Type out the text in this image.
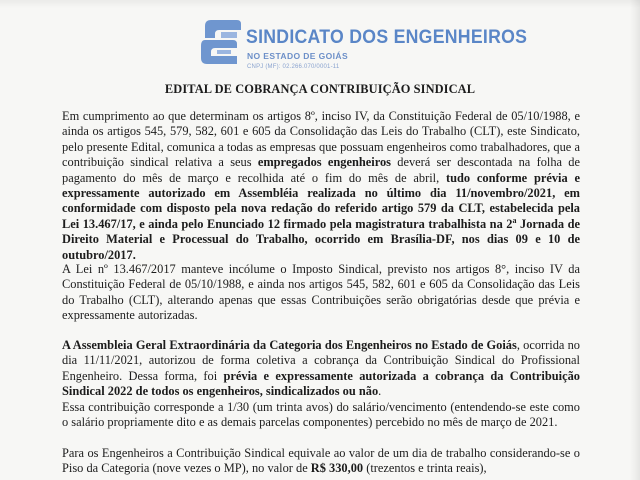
SINDICATO DOS ENGENHEIROS
NO ESTADO DE GOIÁS
CNPJ (MF): 02.266.070/0001-11
EDITAL DE COBRANÇA CONTRIBUIÇÃO SINDICAL

Em cumprimento ao que determinam os artigos 8º, inciso IV, da Constituição Federal de 05/10/1988, e ainda os artigos 545, 579, 582, 601 e 605 da Consolidação das Leis do Trabalho (CLT), este Sindicato, pelo presente Edital, comunica a todas as empresas que possuam engenheiros como trabalhadores, que a contribuição sindical relativa a seus empregados engenheiros deverá ser descontada na folha de pagamento do mês de março e recolhida até o fim do mês de abril, tudo conforme prévia e expressamente autorizado em Assembléia realizada no último dia 11/novembro/2021, em conformidade com disposto pela nova redação do referido artigo 579 da CLT, estabelecida pela Lei 13.467/17, e ainda pelo Enunciado 12 firmado pela magistratura trabalhista na 2$^a$ Jornada de Direito Material e Processual do Trabalho, ocorrido em Brasília-DF, nos dias 09 e 10 de outubro/2017.

A Lei nº 13.467/2017 manteve incólume o Imposto Sindical, previsto nos artigos 8°, inciso IV da Constituição Federal de 05/10/1988, e ainda nos artigos 545, 582, 601 e 605 da Consolidação das Leis do Trabalho (CLT), alterando apenas que essas Contribuições serão obrigatórias desde que prévia e expressamente autorizadas.

A Assembleia Geral Extraordinária da Categoria dos Engenheiros no Estado de Goiás, ocorrida no dia 11/11/2021, autorizou de forma coletiva a cobrança da Contribuição Sindical do Profissional Engenheiro. Dessa forma, foi prévia e expressamente autorizada a cobrança da Contribuição Sindical 2022 de todos os engenheiros, sindicalizados ou não.

Essa contribuição corresponde a 1/30 (um trinta avos) do salário/vencimento (entendendo-se este como o salário propriamente dito e as demais parcelas componentes) percebido no mês de março de 2021.

Para os Engenheiros a Contribuição Sindical equivale ao valor de um dia de trabalho considerando-se o Piso da Categoria (nove vezes o MP), no valor de R$ 330,00 (trezentos e trinta reais),
